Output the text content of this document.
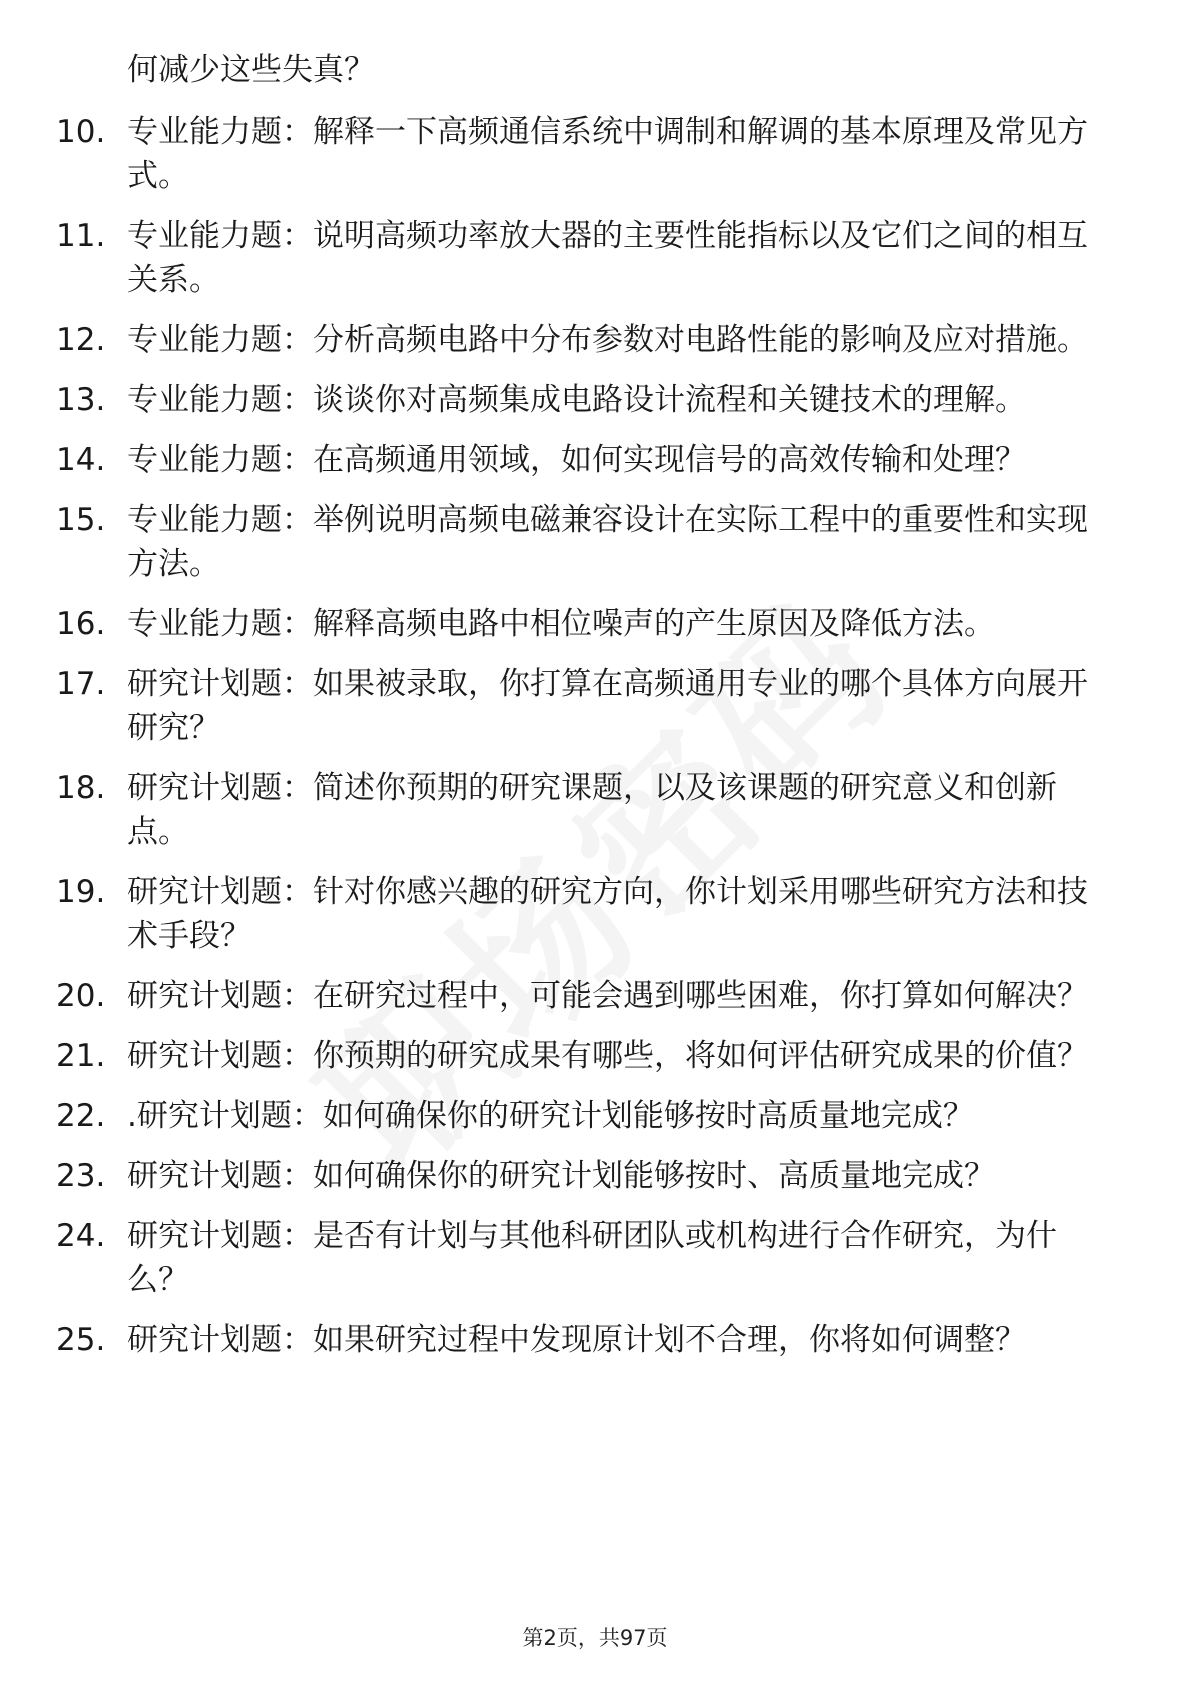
何减少这些失真？
10. 专业能力题：解释一下高频通信系统中调制和解调的基本原理及常见方式。
11. 专业能力题：说明高频功率放大器的主要性能指标以及它们之间的相互关系。
12. 专业能力题：分析高频电路中分布参数对电路性能的影响及应对措施。
13. 专业能力题：谈谈你对高频集成电路设计流程和关键技术的理解。
14. 专业能力题：在高频通用领域，如何实现信号的高效传输和处理？
15. 专业能力题：举例说明高频电磁兼容设计在实际工程中的重要性和实现方法。
16. 专业能力题：解释高频电路中相位噪声的产生原因及降低方法。
17. 研究计划题：如果被录取，你打算在高频通用专业的哪个具体方向展开研究？
18. 研究计划题：简述你预期的研究课题，以及该课题的研究意义和创新点。
19. 研究计划题：针对你感兴趣的研究方向，你计划采用哪些研究方法和技术手段？
20. 研究计划题：在研究过程中，可能会遇到哪些困难，你打算如何解决？
21. 研究计划题：你预期的研究成果有哪些，将如何评估研究成果的价值？
22. .研究计划题：如何确保你的研究计划能够按时高质量地完成？
23. 研究计划题：如何确保你的研究计划能够按时、高质量地完成？
24. 研究计划题：是否有计划与其他科研团队或机构进行合作研究，为什么？
25. 研究计划题：如果研究过程中发现原计划不合理，你将如何调整？
第2页，共97页
